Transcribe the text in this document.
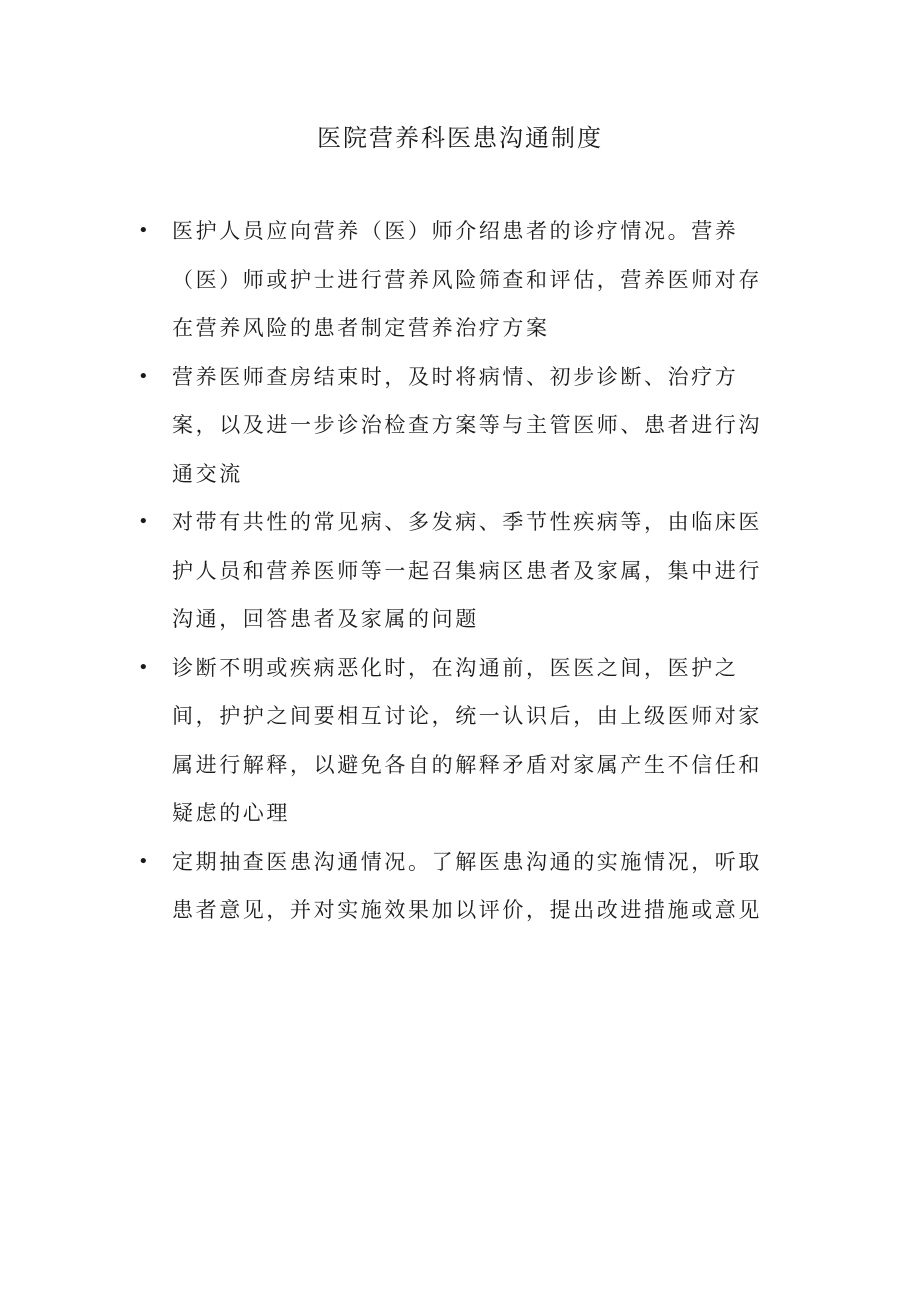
医院营养科医患沟通制度
• 医护人员应向营养（医）师介绍患者的诊疗情况。营养（医）师或护士进行营养风险筛查和评估，营养医师对存在营养风险的患者制定营养治疗方案
• 营养医师查房结束时，及时将病情、初步诊断、治疗方案，以及进一步诊治检查方案等与主管医师、患者进行沟通交流
• 对带有共性的常见病、多发病、季节性疾病等，由临床医护人员和营养医师等一起召集病区患者及家属，集中进行沟通，回答患者及家属的问题
• 诊断不明或疾病恶化时，在沟通前，医医之间，医护之间，护护之间要相互讨论，统一认识后，由上级医师对家属进行解释，以避免各自的解释矛盾对家属产生不信任和疑虑的心理
• 定期抽查医患沟通情况。了解医患沟通的实施情况，听取患者意见，并对实施效果加以评价，提出改进措施或意见
